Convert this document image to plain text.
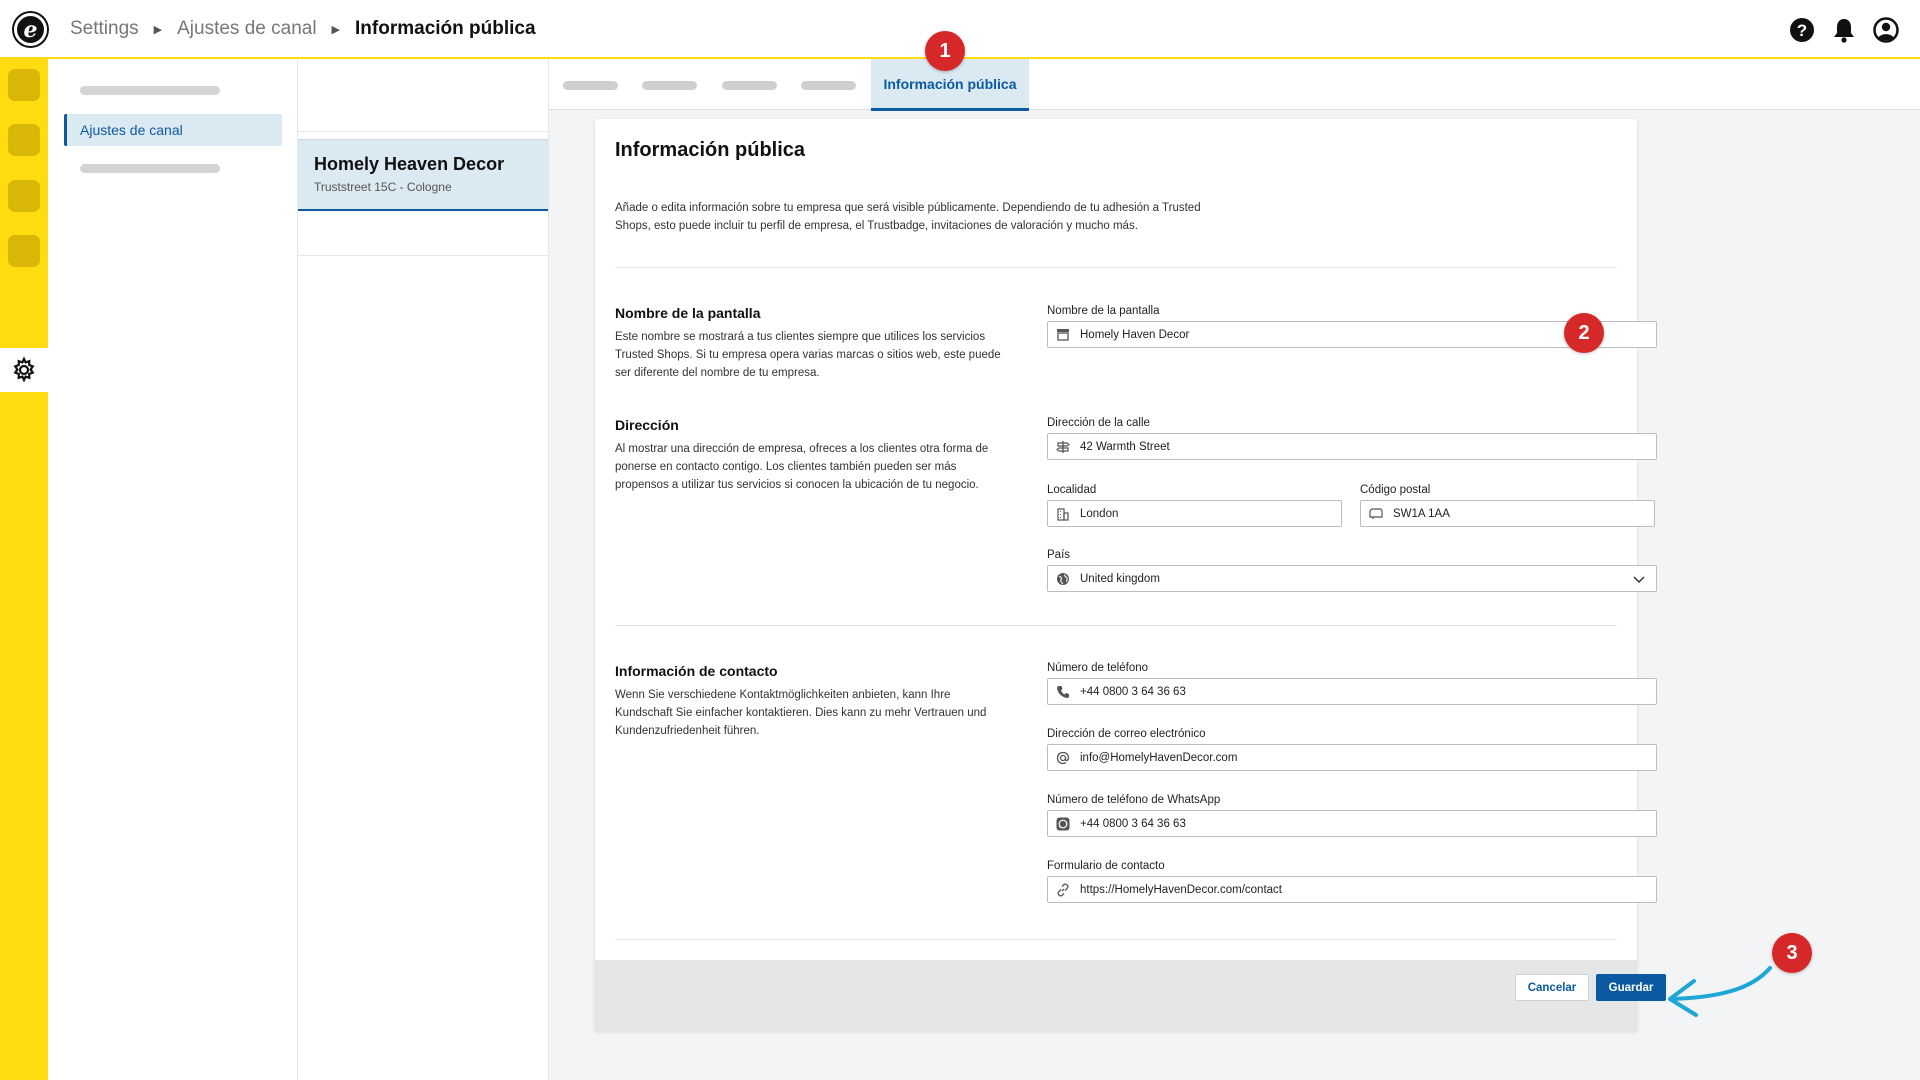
e	Settings ▶ Ajustes de canal ▶ Información pública	?
Ajustes de canal
Homely Heaven Decor
Truststreet 15C - Cologne
Información pública
Información pública
Añade o edita información sobre tu empresa que será visible públicamente. Dependiendo de tu adhesión a Trusted Shops, esto puede incluir tu perfil de empresa, el Trustbadge, invitaciones de valoración y mucho más.
Nombre de la pantalla
Este nombre se mostrará a tus clientes siempre que utilices los servicios Trusted Shops. Si tu empresa opera varias marcas o sitios web, este puede ser diferente del nombre de tu empresa.
Nombre de la pantalla
Homely Haven Decor
Dirección
Al mostrar una dirección de empresa, ofreces a los clientes otra forma de ponerse en contacto contigo. Los clientes también pueden ser más propensos a utilizar tus servicios si conocen la ubicación de tu negocio.
Dirección de la calle
42 Warmth Street
Localidad
London
Código postal
SW1A 1AA
País
United kingdom
Información de contacto
Wenn Sie verschiedene Kontaktmöglichkeiten anbieten, kann Ihre Kundschaft Sie einfacher kontaktieren. Dies kann zu mehr Vertrauen und Kundenzufriedenheit führen.
Número de teléfono
+44 0800 3 64 36 63
Dirección de correo electrónico
info@HomelyHavenDecor.com
Número de teléfono de WhatsApp
+44 0800 3 64 36 63
Formulario de contacto
https://HomelyHavenDecor.com/contact
Cancelar	Guardar
1
2
3
